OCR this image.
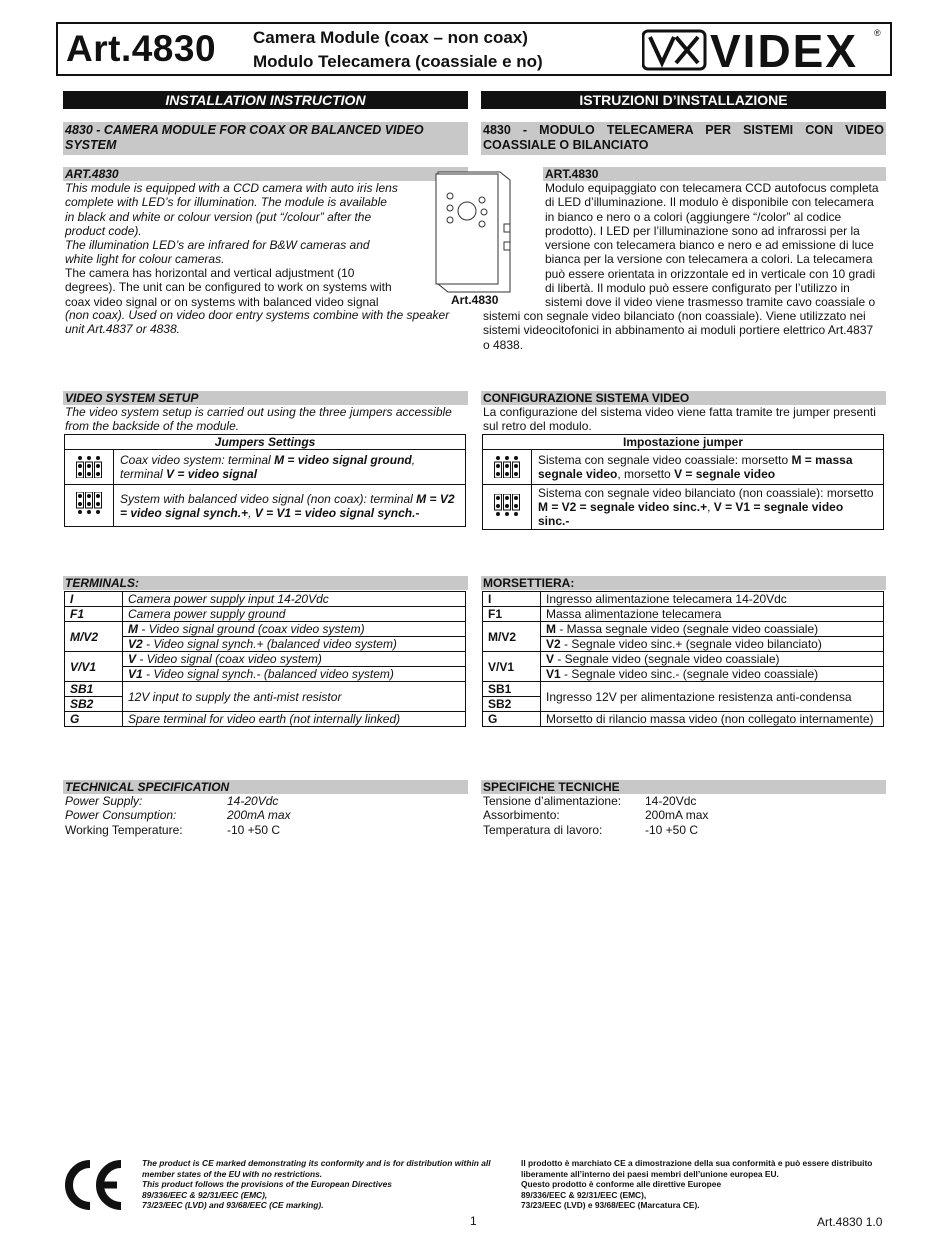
Art.4830 Camera Module (coax – non coax)
Modulo Telecamera (coassiale e no)	VIDEX ®
INSTALLATION INSTRUCTION	ISTRUZIONI D’INSTALLAZIONE
4830 - CAMERA MODULE FOR COAX OR BALANCED VIDEO SYSTEM
4830 - MODULO TELECAMERA PER SISTEMI CON VIDEO COASSIALE O BILANCIATO
ART.4830	ART.4830
This module is equipped with a CCD camera with auto iris lens
complete with LED’s for illumination. The module is available
in black and white or colour version (put “/colour” after the
product code).
The illumination LED’s are infrared for B&W cameras and
white light for colour cameras.
The camera has horizontal and vertical adjustment (10
degrees). The unit can be configured to work on systems with
coax video signal or on systems with balanced video signal
(non coax). Used on video door entry systems combine with the speaker
unit Art.4837 or 4838.
Art.4830
Modulo equipaggiato con telecamera CCD autofocus completa
di LED d’illuminazione. Il modulo è disponibile con telecamera
in bianco e nero o a colori (aggiungere “/color” al codice
prodotto). I LED per l’illuminazione sono ad infrarossi per la
versione con telecamera bianco e nero e ad emissione di luce
bianca per la versione con telecamera a colori. La telecamera
può essere orientata in orizzontale ed in verticale con 10 gradi
di libertà. Il modulo può essere configurato per l’utilizzo in
sistemi dove il video viene trasmesso tramite cavo coassiale o
sistemi con segnale video bilanciato (non coassiale). Viene utilizzato nei
sistemi videocitofonici in abbinamento ai moduli portiere elettrico Art.4837
o 4838.
VIDEO SYSTEM SETUP
The video system setup is carried out using the three jumpers accessible
from the backside of the module.
Jumpers Settings	
	Coax video system: terminal M = video signal ground, terminal V = video signal
	System with balanced video signal (non coax): terminal M = V2 = video signal synch.+, V = V1 = video signal synch.-
CONFIGURAZIONE SISTEMA VIDEO
La configurazione del sistema video viene fatta tramite tre jumper presenti
sul retro del modulo.
Impostazione jumper	
	Sistema con segnale video coassiale: morsetto M = massa segnale video, morsetto V = segnale video
	Sistema con segnale video bilanciato (non coassiale): morsetto M = V2 = segnale video sinc.+, V = V1 = segnale video sinc.-
TERMINALS:
I	Camera power supply input 14-20Vdc
F1	Camera power supply ground
M/V2	M - Video signal ground (coax video system)
	V2 - Video signal synch.+ (balanced video system)
V/V1	V - Video signal (coax video system)
	V1 - Video signal synch.- (balanced video system)
SB1	12V input to supply the anti-mist resistor
SB2	
G	Spare terminal for video earth (not internally linked)
MORSETTIERA:
I	Ingresso alimentazione telecamera 14-20Vdc
F1	Massa alimentazione telecamera
M/V2	M - Massa segnale video (segnale video coassiale)
	V2 - Segnale video sinc.+ (segnale video bilanciato)
V/V1	V - Segnale video (segnale video coassiale)
	V1 - Segnale video sinc.- (segnale video coassiale)
SB1	Ingresso 12V per alimentazione resistenza anti-condensa
SB2	
G	Morsetto di rilancio massa video (non collegato internamente)
TECHNICAL SPECIFICATION
Power Supply:	14-20Vdc
Power Consumption:	200mA max
Working Temperature:	-10 +50 C
SPECIFICHE TECNICHE
Tensione d’alimentazione: 14-20Vdc
Assorbimento:	200mA max
Temperatura di lavoro:	-10 +50 C
The product is CE marked demonstrating its conformity and is for distribution within all
member states of the EU with no restrictions.
This product follows the provisions of the European Directives
89/336/EEC & 92/31/EEC (EMC),
73/23/EEC (LVD) and 93/68/EEC (CE marking).
Il prodotto è marchiato CE a dimostrazione della sua conformità e può essere distribuito
liberamente all’interno dei paesi membri dell’unione europea EU.
Questo prodotto è conforme alle direttive Europee
89/336/EEC & 92/31/EEC (EMC),
73/23/EEC (LVD) e 93/68/EEC (Marcatura CE).
1	Art.4830 1.0
